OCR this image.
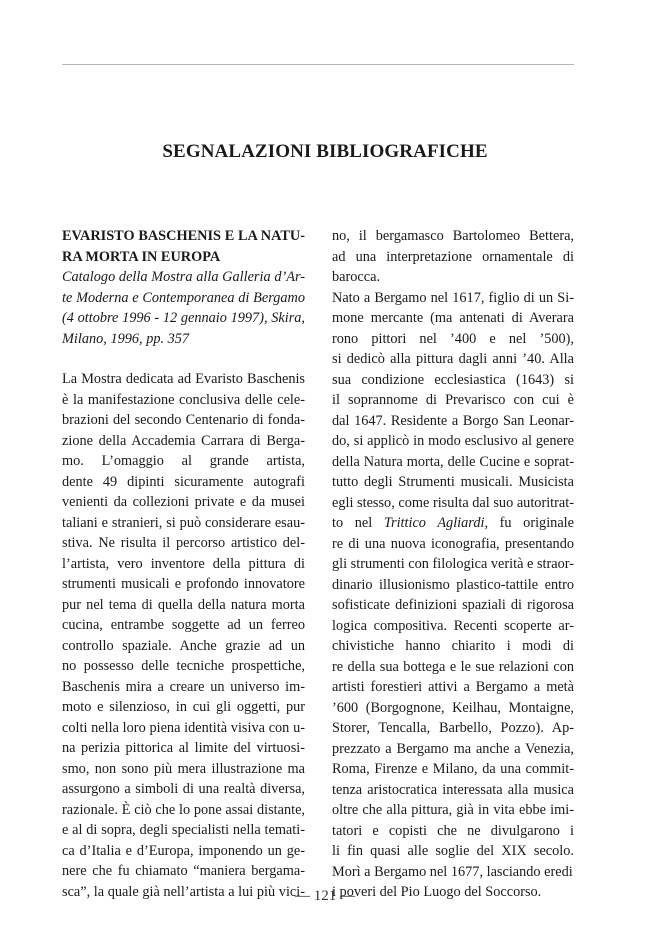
SEGNALAZIONI BIBLIOGRAFICHE
EVARISTO BASCHENIS E LA NATU-
RA MORTA IN EUROPA
Catalogo della Mostra alla Galleria d’Ar-
te Moderna e Contemporanea di Bergamo
(4 ottobre 1996 - 12 gennaio 1997), Skira,
Milano, 1996, pp. 357
La Mostra dedicata ad Evaristo Baschenis
è la manifestazione conclusiva delle cele-
brazioni del secondo Centenario di fonda-
zione della Accademia Carrara di Berga-
mo. L’omaggio al grande artista,
dente 49 dipinti sicuramente autografi
venienti da collezioni private e da musei
taliani e stranieri, si può considerare esau-
stiva. Ne risulta il percorso artistico del-
l’artista, vero inventore della pittura di
strumenti musicali e profondo innovatore
pur nel tema di quella della natura morta
cucina, entrambe soggette ad un ferreo
controllo spaziale. Anche grazie ad un
no possesso delle tecniche prospettiche,
Baschenis mira a creare un universo im-
moto e silenzioso, in cui gli oggetti, pur
colti nella loro piena identità visiva con u-
na perizia pittorica al limite del virtuosi-
smo, non sono più mera illustrazione ma
assurgono a simboli di una realtà diversa,
razionale. È ciò che lo pone assai distante,
e al di sopra, degli specialisti nella temati-
ca d’Italia e d’Europa, imponendo un ge-
nere che fu chiamato “maniera bergama-
sca”, la quale già nell’artista a lui più vici-
no, il bergamasco Bartolomeo Bettera,
ad una interpretazione ornamentale di
barocca.
Nato a Bergamo nel 1617, figlio di un Si-
mone mercante (ma antenati di Averara
rono pittori nel ’400 e nel ’500),
si dedicò alla pittura dagli anni ’40. Alla
sua condizione ecclesiastica (1643) si
il soprannome di Prevarisco con cui è
dal 1647. Residente a Borgo San Leonar-
do, si applicò in modo esclusivo al genere
della Natura morta, delle Cucine e soprat-
tutto degli Strumenti musicali. Musicista
egli stesso, come risulta dal suo autoritrat-
to nel Trittico Agliardi, fu originale
re di una nuova iconografia, presentando
gli strumenti con filologica verità e straor-
dinario illusionismo plastico-tattile entro
sofisticate definizioni spaziali di rigorosa
logica compositiva. Recenti scoperte ar-
chivistiche hanno chiarito i modi di
re della sua bottega e le sue relazioni con
artisti forestieri attivi a Bergamo a metà
’600 (Borgognone, Keilhau, Montaigne,
Storer, Tencalla, Barbello, Pozzo). Ap-
prezzato a Bergamo ma anche a Venezia,
Roma, Firenze e Milano, da una commit-
tenza aristocratica interessata alla musica
oltre che alla pittura, già in vita ebbe imi-
tatori e copisti che ne divulgarono i
li fin quasi alle soglie del XIX secolo.
Morì a Bergamo nel 1677, lasciando eredi
i poveri del Pio Luogo del Soccorso.
— 121 —
